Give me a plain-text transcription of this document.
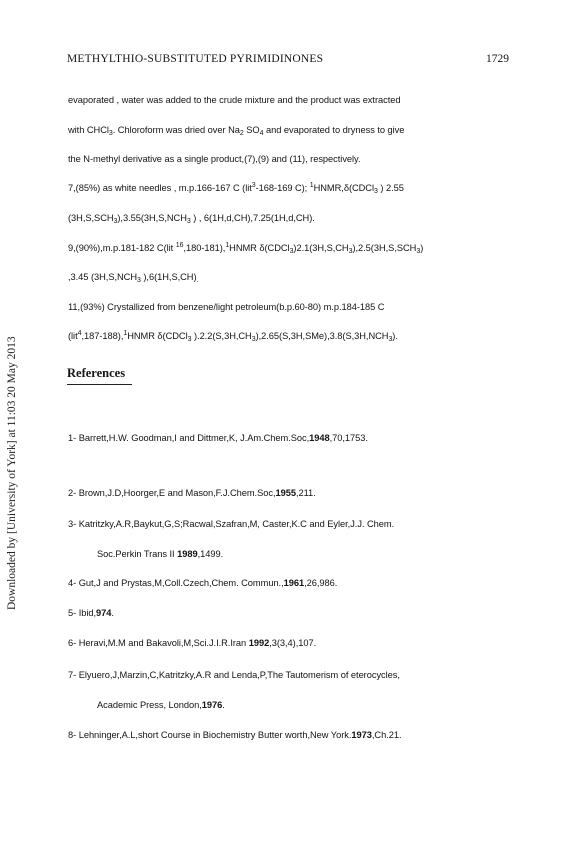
METHYLTHIO-SUBSTITUTED PYRIMIDINONES	1729
Downloaded by [University of York] at 11:03 20 May 2013
evaporated , water was added to the crude mixture and the product was extracted
with CHCl$_3$. Chloroform was dried over $Na_2$ $SO_4$ and evaporated to dryness to give
the N-methyl derivative as a single product,(7),(9) and (11), respectively.
7,(85%) as white needles , m.p.166-167 C (lit$^3$-168-169 C); $^1$HNMR,δ(CDCl$_3$ ) 2.55
$(3H,S,SCH_3),3.55(3H,S,NCH_3$ ) , 6(1H,d,CH),7.25(1H,d,CH).
9,(90%),m.p.181-182 C(lit $^{16}$,180-181),$^1$HNMR $\delta(CDCl_3)2.1(3H,S,CH_3),2.5(3H,S,SCH_3)$
,3.45 ($3H,S,NCH_3$ )$,6(1H,S,CH)_.$
11,(93%) Crystallized from benzene/light petroleum(b.p.60-80) m.p.184-185 C
(lit$^4$,187-188),$^1$HNMR δ(CDCl$_3$ )$.2.2(S,3H,CH_3),2.65(S,3H,SMe),3.8(S,3H,NCH_3)$.
References
1- Barrett,H.W. Goodman,I and Dittmer,K, J.Am.Chem.Soc,1948,70,1753.
2- Brown,J.D,Hoorger,E and Mason,F.J.Chem.Soc,1955,211.
3- Katritzky,A.R,Baykut,G,S;Racwal,Szafran,M, Caster,K.C and Eyler,J.J. Chem.
Soc.Perkin Trans II 1989,1499.
4- Gut,J and Prystas,M,Coll.Czech,Chem. Commun.,1961,26,986.
5- Ibid,974.
6- Heravi,M.M and Bakavoli,M,Sci.J.I.R.Iran 1992,3(3,4),107.
7- Elyuero,J,Marzin,C,Katritzky,A.R and Lenda,P,The Tautomerism of eterocycles,
Academic Press, London,1976.
8- Lehninger,A.L,short Course in Biochemistry Butter worth,New York.1973,Ch.21.
